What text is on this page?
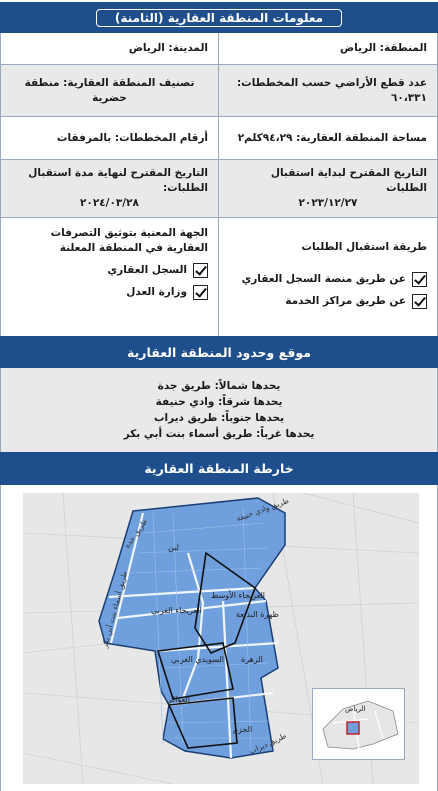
معلومات المنطقة العقارية (الثامنة)
المنطقة: الرياض
المدينة: الرياض
عدد قطع الأراضي حسب المخططات:
٦٠،٣٣١
تصنيف المنطقة العقارية: منطقة حضرية
مساحة المنطقة العقارية: ٩٤،٢٩كلم٢
أرقام المخططات: بالمرفقات
التاريخ المقترح لبداية استقبال الطلبات
٢٠٢٣/١٢/٢٧
التاريخ المقترح لنهاية مدة استقبال الطلبات:
٢٠٢٤/٠٣/٢٨
طريقة استقبال الطلبات
عن طريق منصة السجل العقاري
عن طريق مراكز الخدمة
الجهة المعنية بتوثيق التصرفات العقارية في المنطقة المعلنة
السجل العقاري
وزارة العدل
موقع وحدود المنطقة العقارية
يحدها شمالاً: طريق جدة
يحدها شرقاً: وادي حنيفة
يحدها جنوباً: طريق ديراب
يحدها غرباً: طريق أسماء بنت أبي بكر
خارطة المنطقة العقارية
لبن
العريجاء الأوسط
العريجاء الغربي	ظهرة البديعة
السويدي الغربي الزهرة
العوالي
الحزم
طريق جدة
طريق وادي حنيفة
طريق أسماء بنت أبي بكر
طريق ديراب
الرياض
